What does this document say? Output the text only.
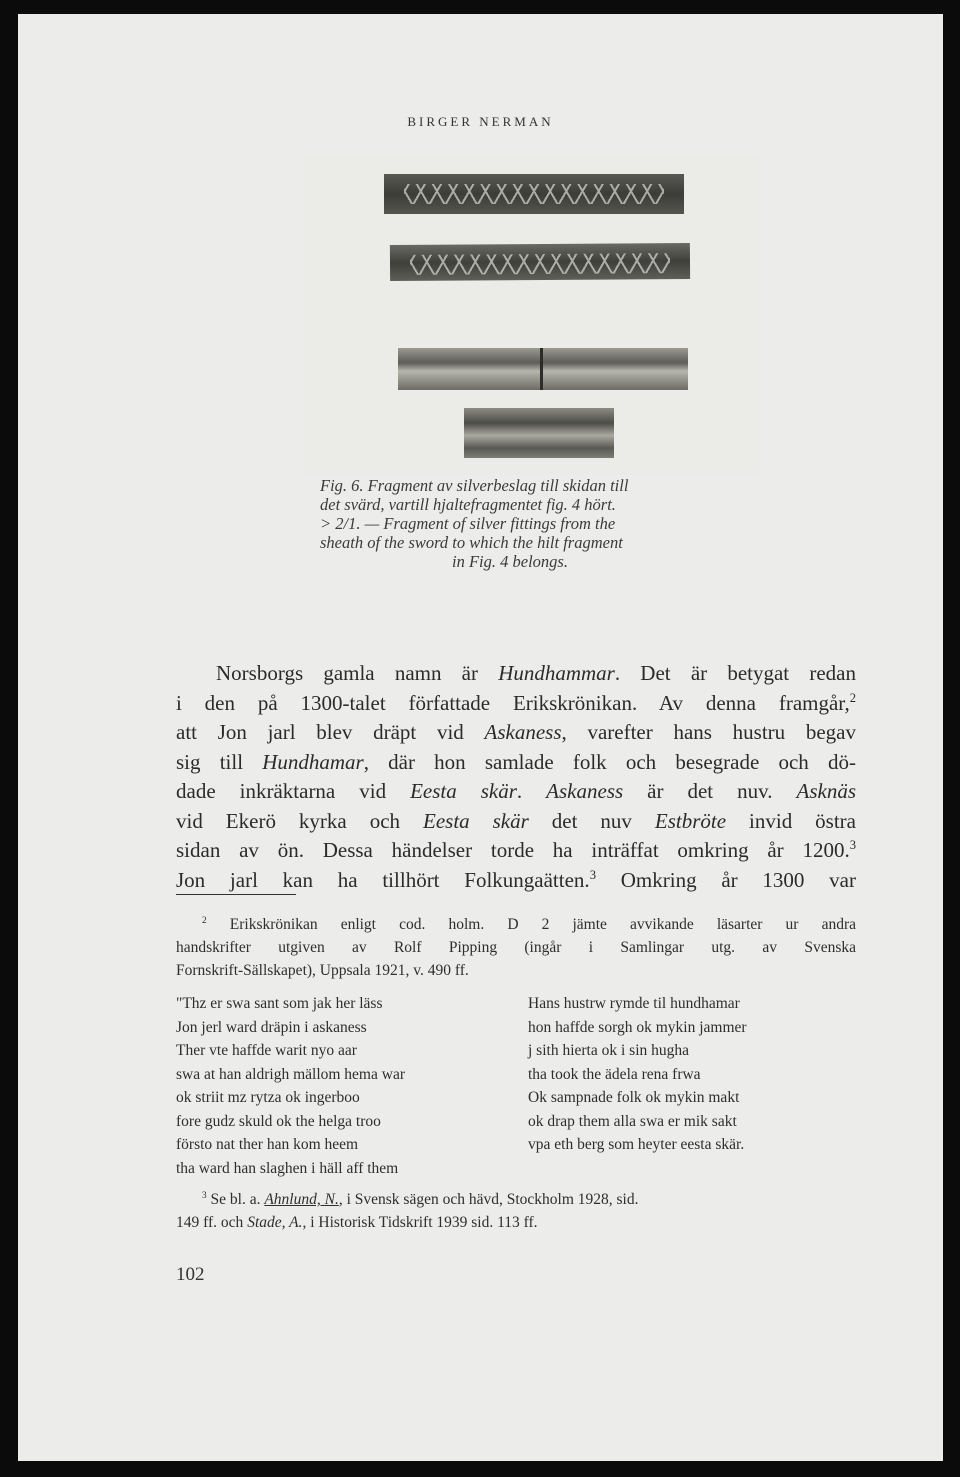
BIRGER NERMAN
Fig. 6. Fragment av silverbeslag till skidan till
det svärd, vartill hjaltefragmentet fig. 4 hört.
> 2/1. — Fragment of silver fittings from the
sheath of the sword to which the hilt fragment
in Fig. 4 belongs.
Norsborgs gamla namn är Hundhammar. Det är betygat redan
i den på 1300-talet författade Erikskrönikan. Av denna framgår,$^2$
att Jon jarl blev dräpt vid Askaness, varefter hans hustru begav
sig till Hundhamar, där hon samlade folk och besegrade och dö-
dade inkräktarna vid Eesta skär. Askaness är det nuv. Asknäs
vid Ekerö kyrka och Eesta skär det nuv Estbröte invid östra
sidan av ön. Dessa händelser torde ha inträffat omkring år 1200.$^3$
Jon jarl kan ha tillhört Folkungaätten.$^3$ Omkring år 1300 var
$^2$ Erikskrönikan enligt cod. holm. D 2 jämte avvikande läsarter ur andra
handskrifter utgiven av Rolf Pipping (ingår i Samlingar utg. av Svenska
Fornskrift-Sällskapet), Uppsala 1921, v. 490 ff.
"Thz er swa sant som jak her läss
Jon jerl ward dräpin i askaness
Ther vte haffde warit nyo aar
swa at han aldrigh mällom hema war
ok striit mz rytza ok ingerboo
fore gudz skuld ok the helga troo
försto nat ther han kom heem
tha ward han slaghen i häll aff them
Hans hustrw rymde til hundhamar
hon haffde sorgh ok mykin jammer
j sith hierta ok i sin hugha
tha took the ädela rena frwa
Ok sampnade folk ok mykin makt
ok drap them alla swa er mik sakt
vpa eth berg som heyter eesta skär.
$^3$ Se bl. a. Ahnlund, N., i Svensk sägen och hävd, Stockholm 1928, sid.
149 ff. och Stade, A., i Historisk Tidskrift 1939 sid. 113 ff.
102
